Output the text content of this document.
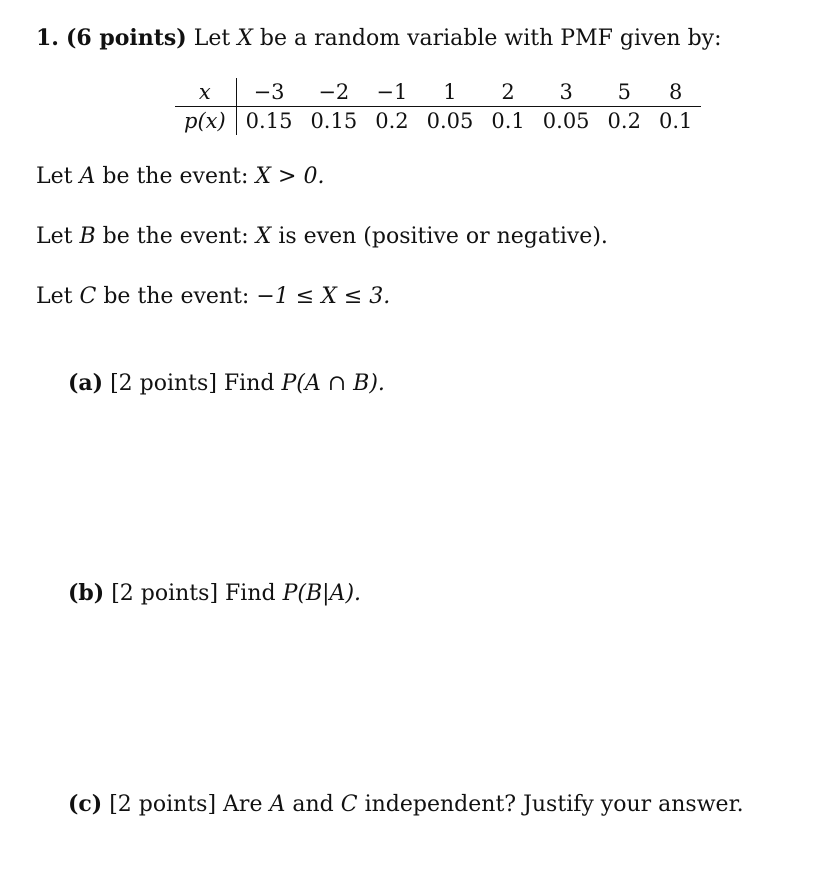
1. (6 points) Let X be a random variable with PMF given by:
x	−3	−2	−1	1	2	3	5	8
p(x)	0.15	0.15	0.2	0.05	0.1	0.05	0.2	0.1
Let A be the event: X > 0.
Let B be the event: X is even (positive or negative).
Let C be the event: −1 ≤ X ≤ 3.
(a) [2 points] Find P(A ∩ B).
(b) [2 points] Find P(B|A).
(c) [2 points] Are A and C independent? Justify your answer.
